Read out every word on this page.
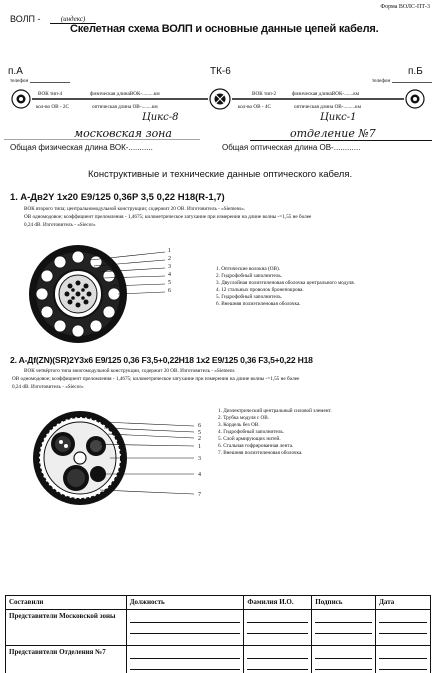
Форма ВОЛС-ПТ-3
ВОЛП -	(индекс)
Скелетная схема ВОЛП и основные данные цепей кабеля.
п.А	п.Б
ТК-6
телефон	телефон
ВОК тип-4	физическая длинаВОК-.........км	ВОК тип-2	физическая длинаВОК-.......км
кол-во ОВ - 2С	оптическая длина ОВ-........км	кол-во ОВ - 4С	оптическая длина ОВ-.........км
Цикс-8	Цикс-1
московская зона	отделение №7
Общая физическая длина ВОК-...........	Общая оптическая длина ОВ-............
Конструктивные и технические данные оптического кабеля.
1. A-Дв2Y 1x20 E9/125 0,36P 3,5 0,22 H18(R-1,7)
ВОК второго типа; центральномодульной конструкции; содержит 20 ОВ. Изготовитель - «Siemens».
ОВ одномодовое; коэффициент преломления - 1,4675; километрическое затухание при измерении на длине волны -=1,55 не более
0,24 dB. Изготовитель - «Siecor»
1
2
3
4
5
6
1. Оптические волокна (ОВ).
2. Гидрофобный заполнитель.
3. Двуслойная полиэтиленовая оболочка центрального модуля.
4. 12 стальных проволок бронепокрова.
5. Гидрофобный заполнитель.
6. Внешняя полиэтиленовая оболочка.
2. A-Дf(ZN)(SR)2Y3x6 E9/125 0,36 F3,5+0,22H18 1x2 E9/125 0,36 F3,5+0,22 H18
ВОК четвёртого типа многомодульной конструкции, содержит 20 ОВ. Изготовитель - «Siemens
ОВ одномодовое; коэффициент преломления - 1,4675; километрическое затухание при измерении на длине волны -=1,55 не более
0,24 dB. Изготовитель - «Siecor»
6
5
2
1
3
4
7
1. Диэлектрический центральный силовой элемент.
2. Трубка модуля с ОВ.
3. Кордель без ОВ.
4. Гидрофобный заполнитель.
5. Слой армирующих нитей.
6. Стальная гофрированная лента.
7. Внешняя полиэтиленовая оболочка.
Составили	Должность	Фамилия И.О.	Подпись	Дата
Представители Московской зоны	

Представители Отделения №7	
